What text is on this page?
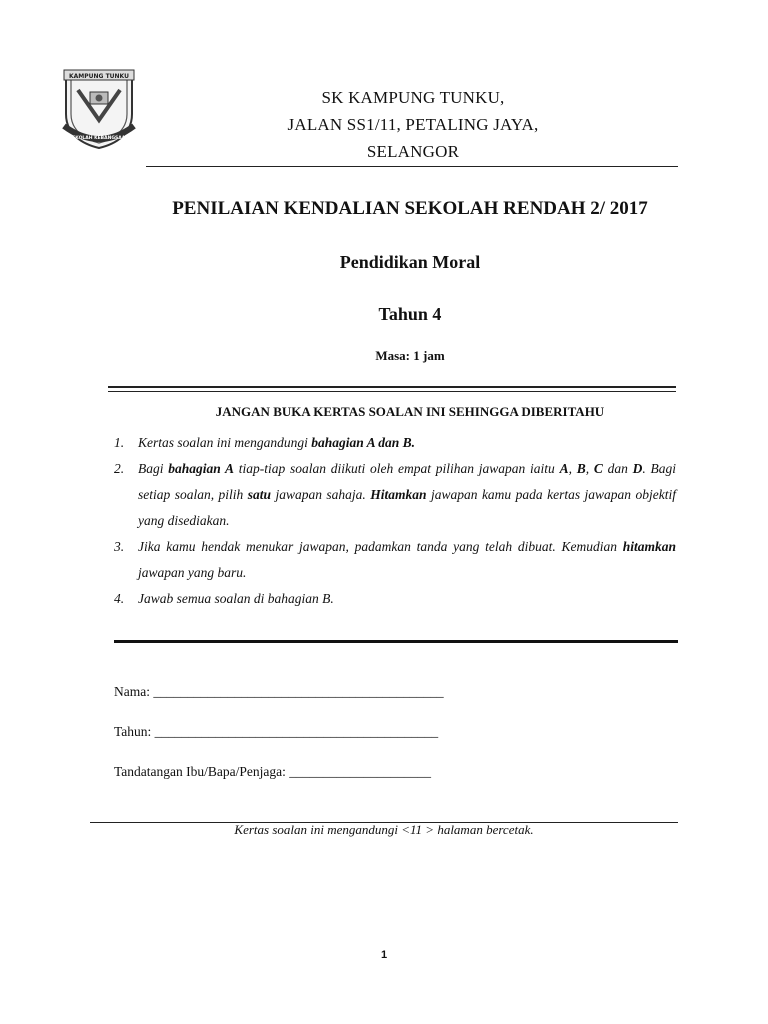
KAMPUNG TUNKU
SEKOLAH KEBANGSAAN
SK KAMPUNG TUNKU,
JALAN SS1/11, PETALING JAYA,
SELANGOR
PENILAIAN KENDALIAN SEKOLAH RENDAH 2/ 2017
Pendidikan Moral
Tahun 4
Masa: 1 jam
JANGAN BUKA KERTAS SOALAN INI SEHINGGA DIBERITAHU
1.	Kertas soalan ini mengandungi bahagian A dan B.
2.	Bagi bahagian A tiap-tiap soalan diikuti oleh empat pilihan jawapan iaitu A, B, C dan D. Bagi setiap soalan, pilih satu jawapan sahaja. Hitamkan jawapan kamu pada kertas jawapan objektif yang disediakan.
3.	Jika kamu hendak menukar jawapan, padamkan tanda yang telah dibuat. Kemudian hitamkan jawapan yang baru.
4.	Jawab semua soalan di bahagian B.
Nama: ___________________________________________
Tahun: __________________________________________
Tandatangan Ibu/Bapa/Penjaga: _____________________
Kertas soalan ini mengandungi <11 > halaman bercetak.
1
